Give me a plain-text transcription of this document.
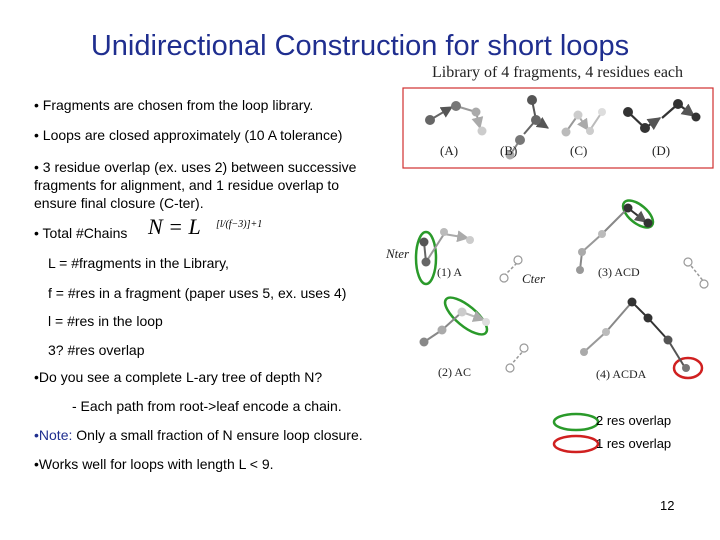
Unidirectional Construction for short loops
Library of 4 fragments, 4 residues each
• Fragments are chosen from the loop library.
• Loops are closed approximately (10 A tolerance)
• 3 residue overlap (ex. uses 2) between successive
fragments for alignment, and 1 residue overlap to
ensure final closure (C-ter).
• Total #Chains N = L [l/(f−3)]+1
L = #fragments in the Library,
f = #res in a fragment (paper uses 5, ex. uses 4)
l = #res in the loop
3? #res overlap
•Do you see a complete L-ary tree of depth N?
- Each path from root->leaf encode a chain.
•Note: Only a small fraction of N ensure loop closure.
•Works well for loops with length L < 9.
(A)	(B)	(C)	(D)
Nter
(1) A	Cter	(3) ACD
(2) AC	(4) ACDA
2 res overlap
1 res overlap
12
